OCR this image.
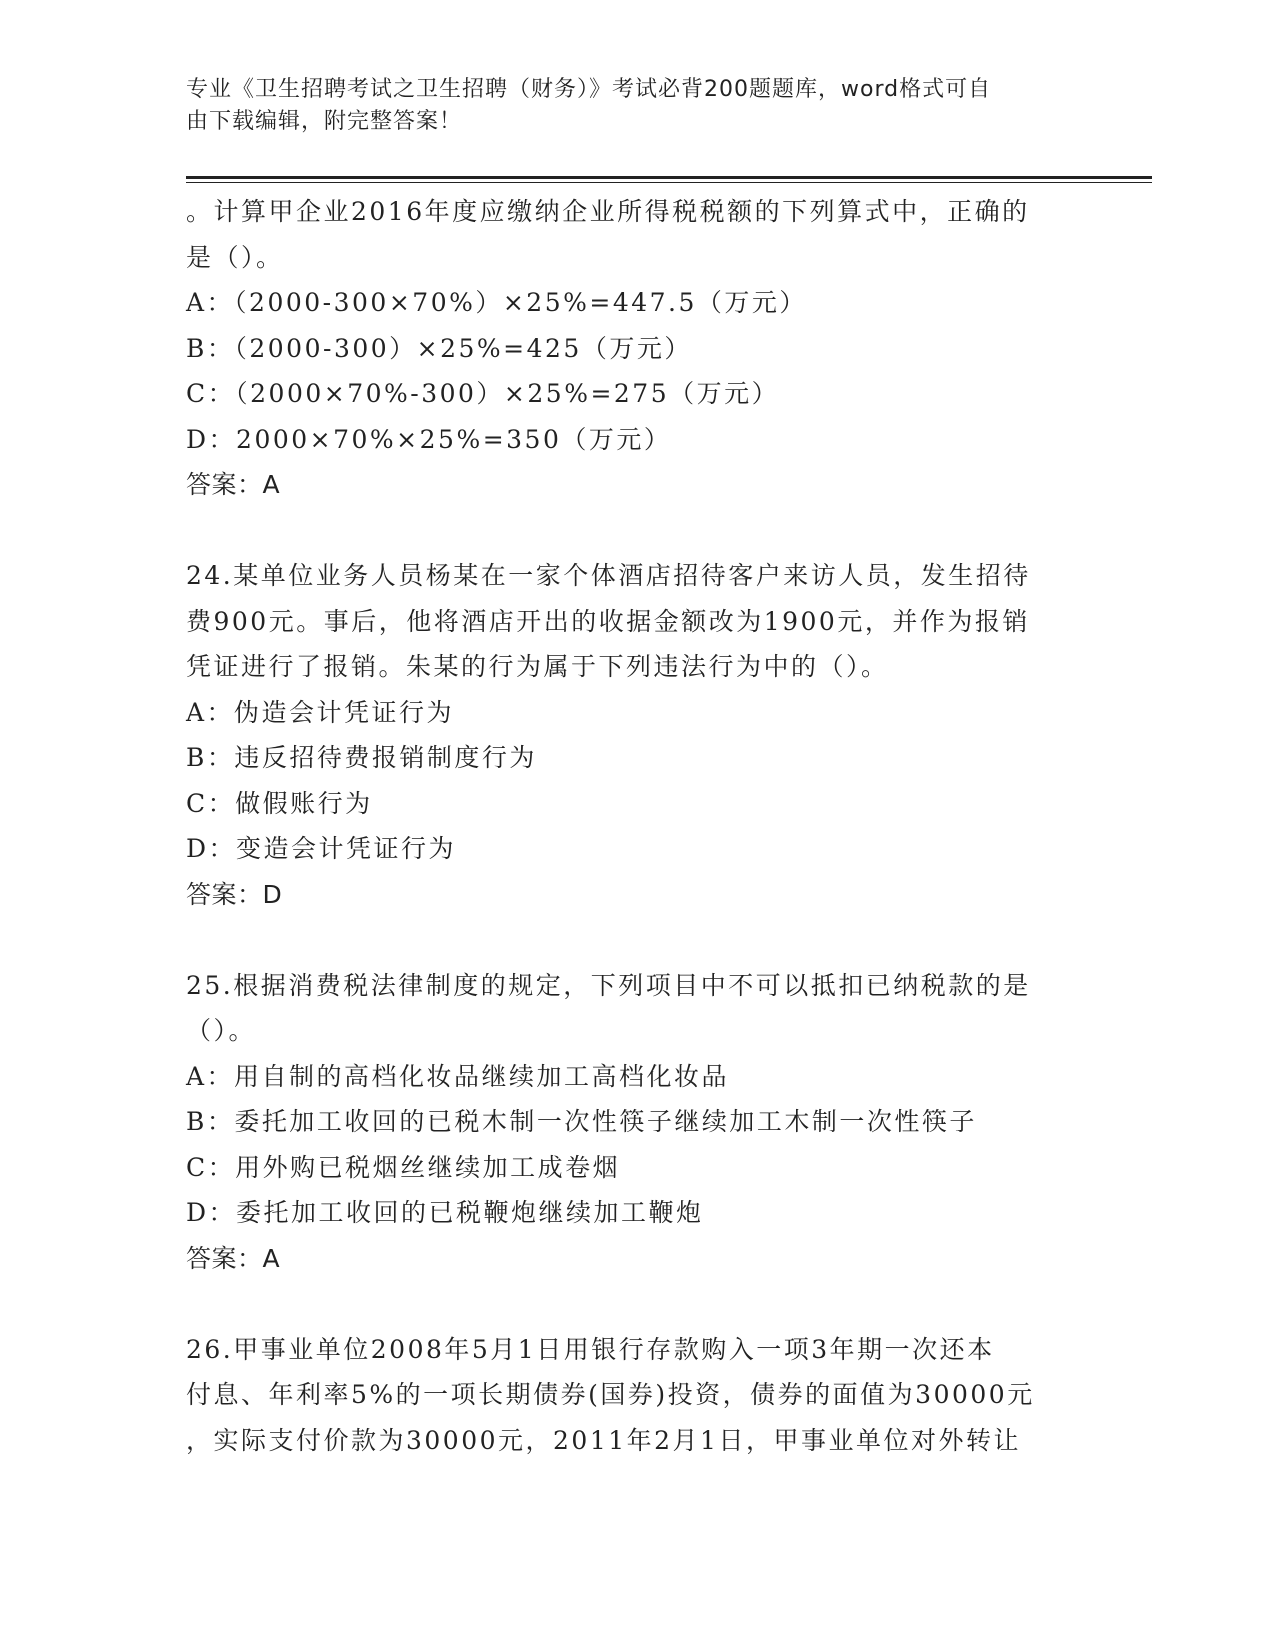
专业《卫生招聘考试之卫生招聘（财务）》考试必背200题题库，word格式可自
由下载编辑，附完整答案！
。计算甲企业2016年度应缴纳企业所得税税额的下列算式中，正确的
是（）。
A：（2000-300×70%）×25%=447.5（万元）
B：（2000-300）×25%=425（万元）
C：（2000×70%-300）×25%=275（万元）
D：2000×70%×25%=350（万元）
答案：A
24.某单位业务人员杨某在一家个体酒店招待客户来访人员，发生招待
费900元。事后，他将酒店开出的收据金额改为1900元，并作为报销
凭证进行了报销。朱某的行为属于下列违法行为中的（）。
A：伪造会计凭证行为
B：违反招待费报销制度行为
C：做假账行为
D：变造会计凭证行为
答案：D
25.根据消费税法律制度的规定，下列项目中不可以抵扣已纳税款的是
（）。
A：用自制的高档化妆品继续加工高档化妆品
B：委托加工收回的已税木制一次性筷子继续加工木制一次性筷子
C：用外购已税烟丝继续加工成卷烟
D：委托加工收回的已税鞭炮继续加工鞭炮
答案：A
26.甲事业单位2008年5月1日用银行存款购入一项3年期一次还本
付息、年利率5%的一项长期债券(国券)投资，债券的面值为30000元
，实际支付价款为30000元，2011年2月1日，甲事业单位对外转让
